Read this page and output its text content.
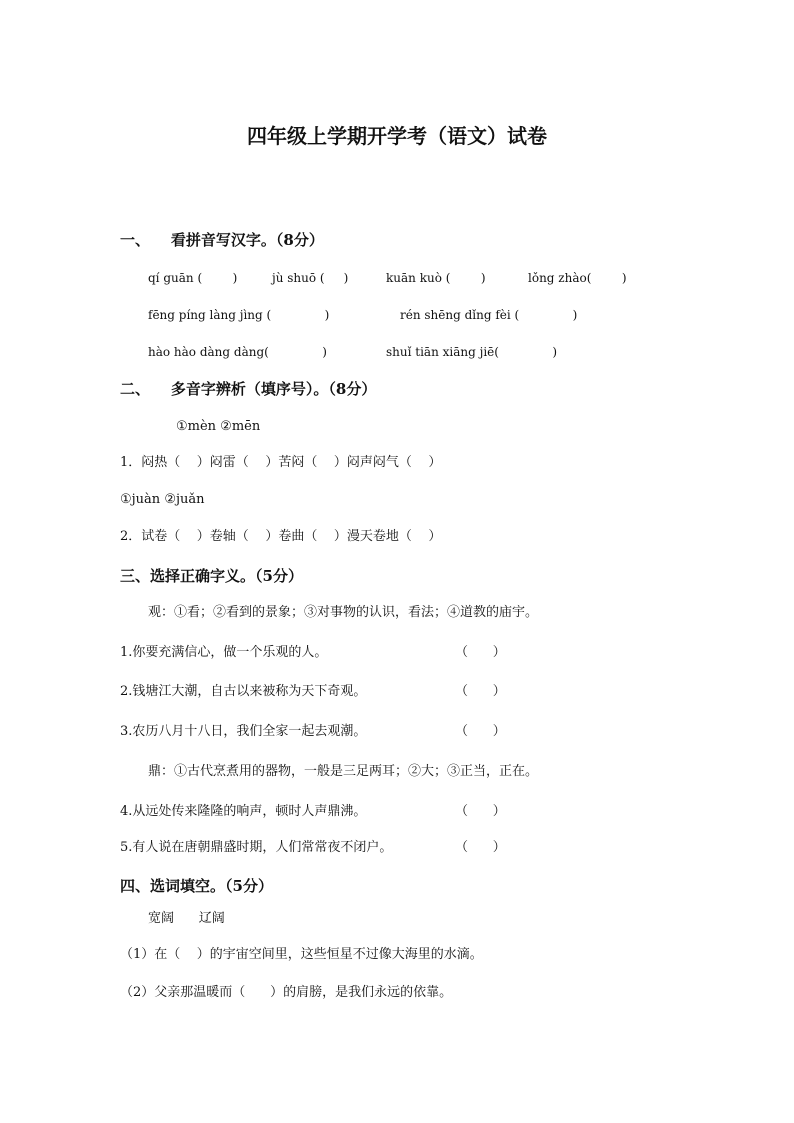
四年级上学期开学考（语文）试卷
一、    看拼音写汉字。（8分）
qí guān (        )	jù shuō (     )	kuān kuò (        )	lǒng zhào(        )
fēng píng làng jìng (              )	rén shēng dǐng fèi (              )
hào hào dàng dàng(              )	shuǐ tiān xiāng jiē(              )
二、    多音字辨析（填序号）。（8分）
①mèn ②mēn
1．闷热（    ）闷雷（    ）苦闷（    ）闷声闷气（    ）
①juàn ②juǎn
2．试卷（    ）卷轴（    ）卷曲（    ）漫天卷地（    ）
三、选择正确字义。（5分）
观：①看；②看到的景象；③对事物的认识，看法；④道教的庙宇。
1.你要充满信心，做一个乐观的人。	（      ）
2.钱塘江大潮，自古以来被称为天下奇观。	（      ）
3.农历八月十八日，我们全家一起去观潮。	（      ）
鼎：①古代烹煮用的器物，一般是三足两耳；②大；③正当，正在。
4.从远处传来隆隆的响声，顿时人声鼎沸。	（      ）
5.有人说在唐朝鼎盛时期，人们常常夜不闭户。	（      ）
四、选词填空。（5分）
宽阔      辽阔
（1）在（    ）的宇宙空间里，这些恒星不过像大海里的水滴。
（2）父亲那温暖而（      ）的肩膀，是我们永远的依靠。
